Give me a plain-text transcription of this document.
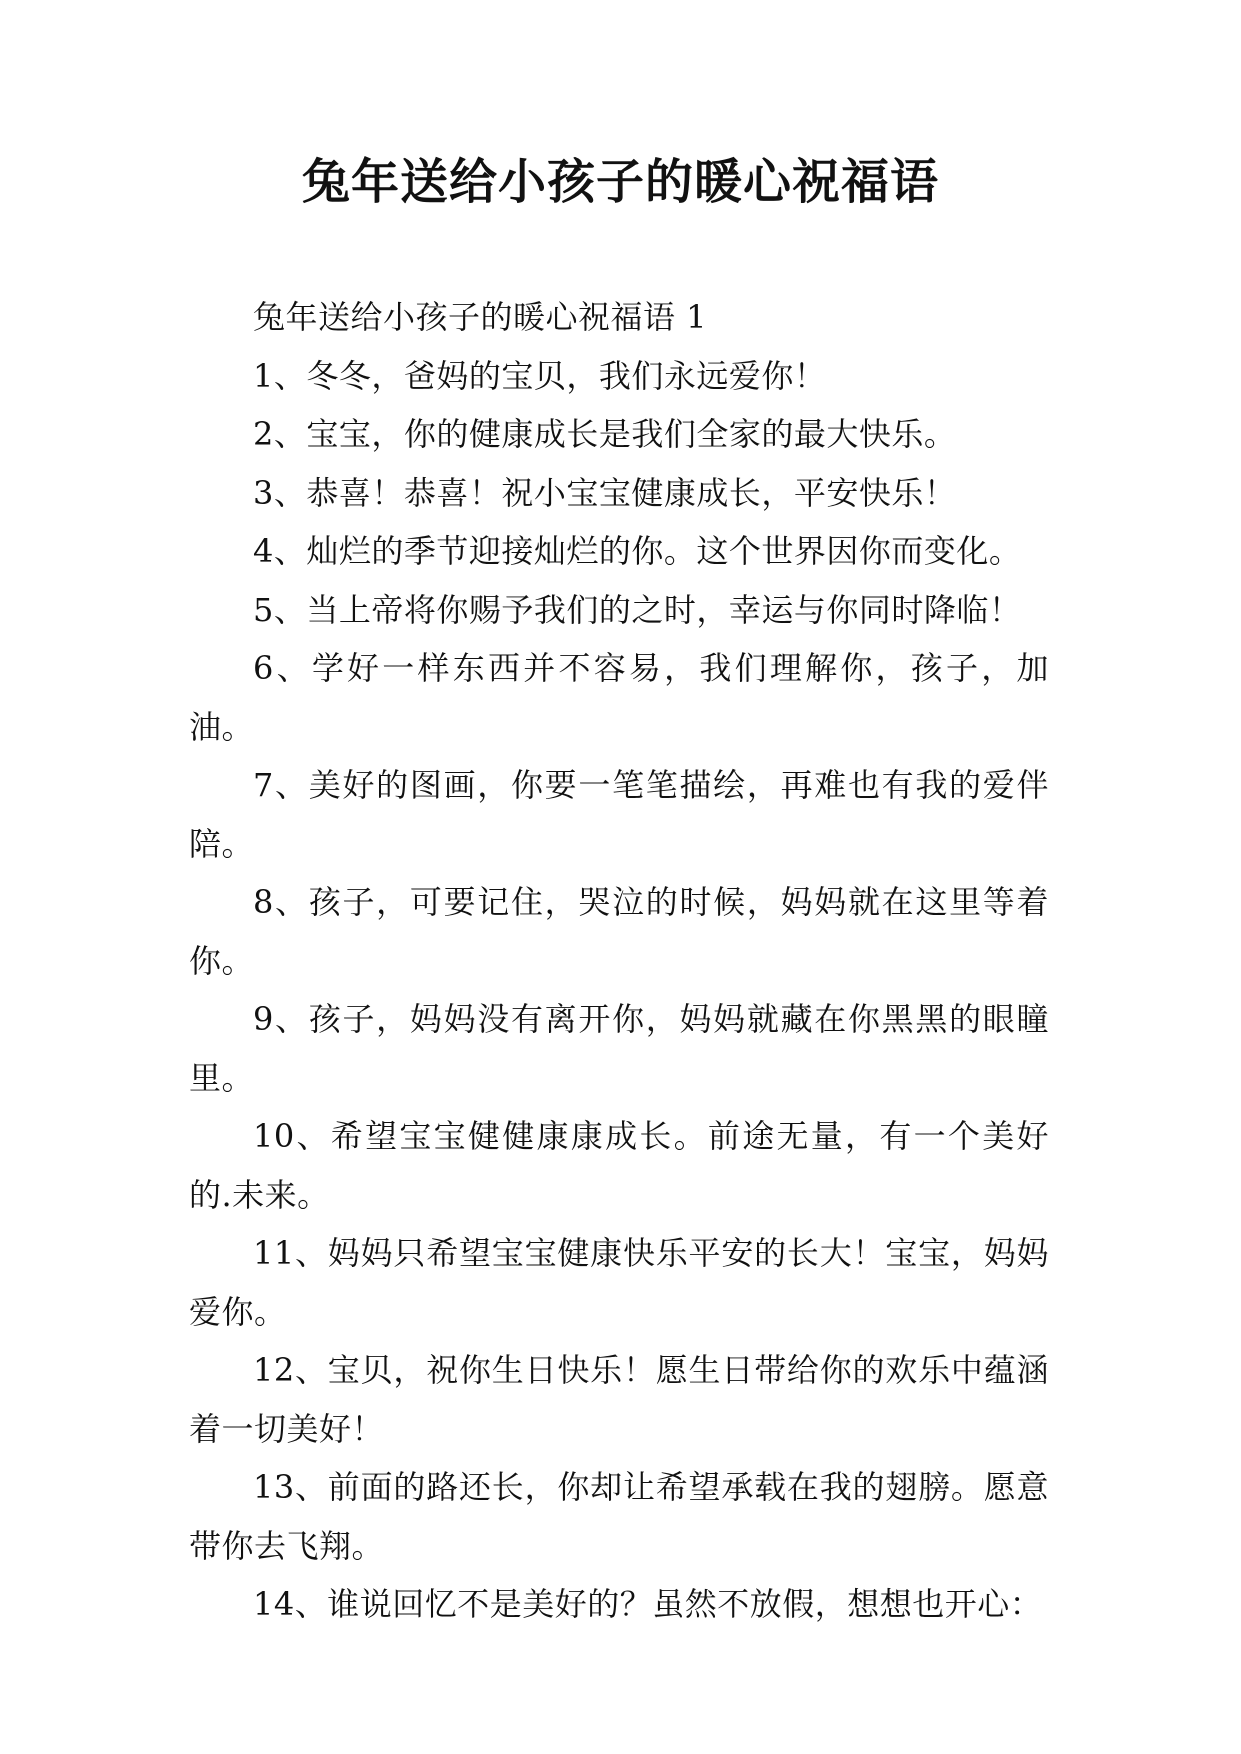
兔年送给小孩子的暖心祝福语

兔年送给小孩子的暖心祝福语 1

1、冬冬，爸妈的宝贝，我们永远爱你！

2、宝宝，你的健康成长是我们全家的最大快乐。

3、恭喜！恭喜！祝小宝宝健康成长，平安快乐！

4、灿烂的季节迎接灿烂的你。这个世界因你而变化。

5、当上帝将你赐予我们的之时，幸运与你同时降临！

6、学好一样东西并不容易，我们理解你，孩子，加油。

7、美好的图画，你要一笔笔描绘，再难也有我的爱伴陪。

8、孩子，可要记住，哭泣的时候，妈妈就在这里等着你。

9、孩子，妈妈没有离开你，妈妈就藏在你黑黑的眼瞳里。

10、希望宝宝健健康康成长。前途无量，有一个美好的.未来。

11、妈妈只希望宝宝健康快乐平安的长大！宝宝，妈妈爱你。

12、宝贝，祝你生日快乐！愿生日带给你的欢乐中蕴涵着一切美好！

13、前面的路还长，你却让希望承载在我的翅膀。愿意带你去飞翔。

14、谁说回忆不是美好的？虽然不放假，想想也开心：
